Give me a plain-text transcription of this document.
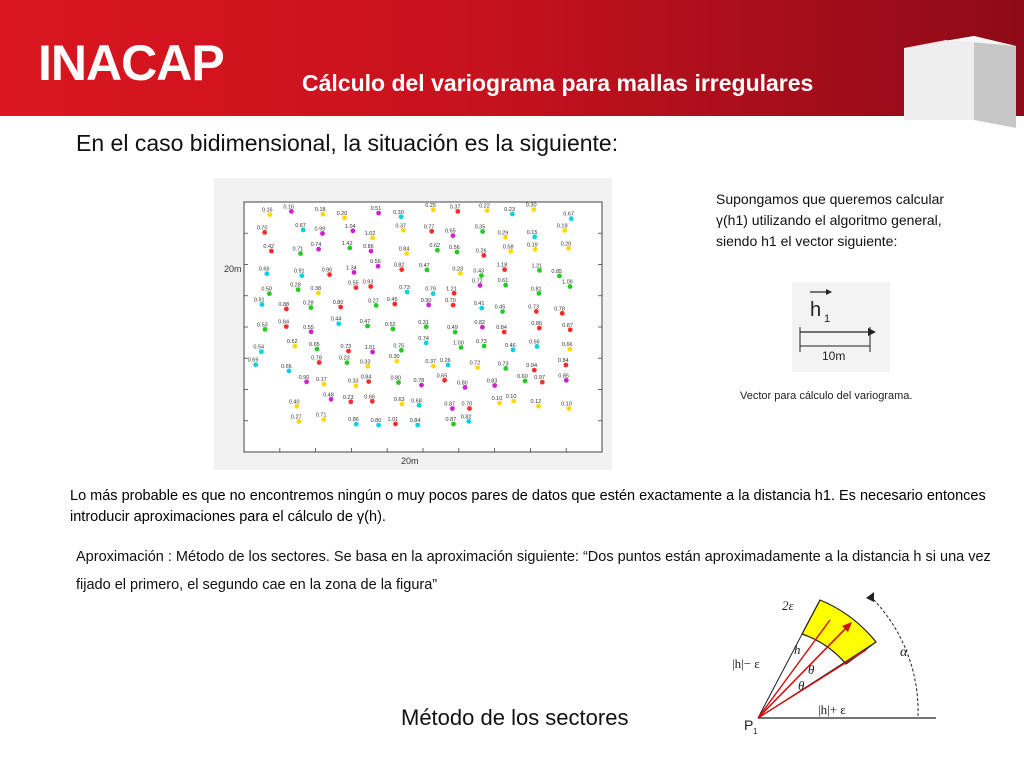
INACAP	Cálculo del variograma para mallas irregulares
En el caso bidimensional, la situación es la siguiente:
20m
20m
0.16
0.16	0.18
0.20
0.51
0.30
0.25	0.37	0.22
0.23
0.30
0.67
0.70	0.67
0.99	1.04
1.02
0.37	0.77
0.65
0.35
0.29	0.15
0.19
0.42	0.71
0.74	1.42
0.86	0.84
0.62 0.56
0.26
0.58 0.19	0.20
0.66	0.91	0.90 1.34
0.56
0.82	0.47
0.23 0.43
1.18	1.21
0.85
0.50
0.28
0.38
0.55 0.93
0.73	0.79 1.21
0.72	0.61
0.81
1.09
0.91
0.88	0.28	0.80	0.27 0.45	0.90 0.70	0.41
0.45	0.73	0.78
0.53 0.84
0.55
0.44	0.47	0.52	0.31
0.49
0.82
0.84
0.86	0.87
0.54
0.52 0.65	0.73 1.01	0.75
0.74
1.00 0.73
0.46
0.66	0.66
0.69
0.66
0.78	0.23
0.33
0.30
0.37 0.26	0.72	0.73	0.94
0.84
0.90 0.17	0.33
0.84	0.80 0.78
0.65
0.80	0.83
0.60 0.97 0.85
0.40
0.48 0.23 0.66	0.63 0.68
0.87 0.70
0.10 0.10
0.12	0.10
0.27	0.71
0.86 0.80 1.01 0.84	0.87 0.82
Supongamos que queremos calcular γ(h1) utilizando el algoritmo general, siendo h1 el vector siguiente:
h 1
10m
Vector para cálculo del variograma.
Lo más probable es que no encontremos ningún o muy pocos pares de datos que estén exactamente a la distancia h1. Es necesario entonces introducir aproximaciones para el cálculo de γ(h).
Aproximación : Método de los sectores. Se basa en la aproximación siguiente: “Dos puntos están aproximadamente a la distancia h si una vez fijado el primero, el segundo cae en la zona de la figura”
2ε
h
|h|− ε	θ
θ
|h|+ ε
α
P 1
Método de los sectores
